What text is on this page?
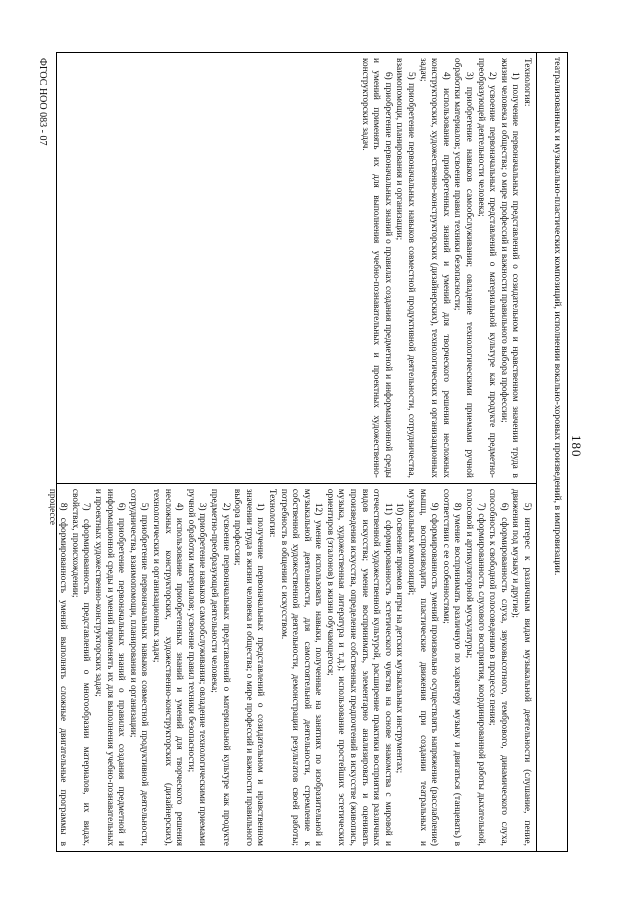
180
театрализованных и музыкально-пластических композиций, исполнении вокально-хоровых произведений, в импровизации.

Технология:

1) получение первоначальных представлений о созидательном и нравственном значении труда в жизни человека и общества; о мире профессий и важности правильного выбора профессии;

2) усвоение первоначальных представлений о материальной культуре как продукте предметно-преобразующей деятельности человека;

3) приобретение навыков самообслуживания; овладение технологическими приемами ручной обработки материалов; усвоение правил техники безопасности;

4) использование приобретенных знаний и умений для творческого решения несложных конструкторских, художественно-конструкторских (дизайнерских), технологических и организационных задач;

5) приобретение первоначальных навыков совместной продуктивной деятельности, сотрудничества, взаимопомощи, планирования и организации;

6) приобретение первоначальных знаний о правилах создания предметной и информационной среды и умений применять их для выполнения учебно-познавательных и проектных художественно-конструкторских задач.

5) интерес к различным видам музыкальной деятельности (слушание, пение, движения под музыку и другие);

6) сформированность слуха, звуковысотного, тембрового, динамического слуха, способность к свободной голосоведению в процессе пения;

7) сформированность слухового восприятия, координированной работы дыхательной, голосовой и артикуляторной мускулатуры;

8) умение воспринимать различную по характеру музыку и двигаться (танцевать) в соответствии с ее особенностями;

9) сформированность умений произвольно осуществлять напряжение (расслабление) мышц, воспроизводить пластические движения при создании театральных и музыкальных композиций;

10) освоение приемов игры на детских музыкальных инструментах;

11) сформированность эстетического чувства на основе знакомства с мировой и отечественной художественной культурой, расширение практики восприятия различных видов искусства; умение воспринимать, элементарно анализировать и оценивать произведения искусства, определение собственных предпочтений в искусстве (живопись, музыка, художественная литература и т.д.); использование простейших эстетических ориентиров (эталонов) в жизни обучающегося;

12) умение использовать навыки, полученные на занятиях по изобразительной и музыкальной деятельности, для самостоятельной деятельности, стремление к собственной художественной деятельности, демонстрации результатов своей работы; потребность в общении с искусством.

Технология:

1) получение первоначальных представлений о созидательном и нравственном значении труда в жизни человека и общества; о мире профессий и важности правильного выбора профессии;

2) усвоение первоначальных представлений о материальной культуре как продукте предметно-преобразующей деятельности человека;

3) приобретение навыков самообслуживания; овладение технологическими приемами ручной обработки материалов; усвоение правил техники безопасности;

4) использование приобретенных знаний и умений для творческого решения несложных конструкторских, художественно-конструкторских (дизайнерских), технологических и организационных задач;

5) приобретение первоначальных навыков совместной продуктивной деятельности, сотрудничества, взаимопомощи, планирования и организации;

6) приобретение первоначальных знаний о правилах создания предметной и информационной среды и умений применять их для выполнения учебно-познавательных и проектных художественно-конструкторских задач;

7) сформированность представлений о многообразии материалов, их видах, свойствах, происхождении;

8) сформированность умений выполнять сложные двигательные программы в процессе

ФГОС НОО 083 - 07
